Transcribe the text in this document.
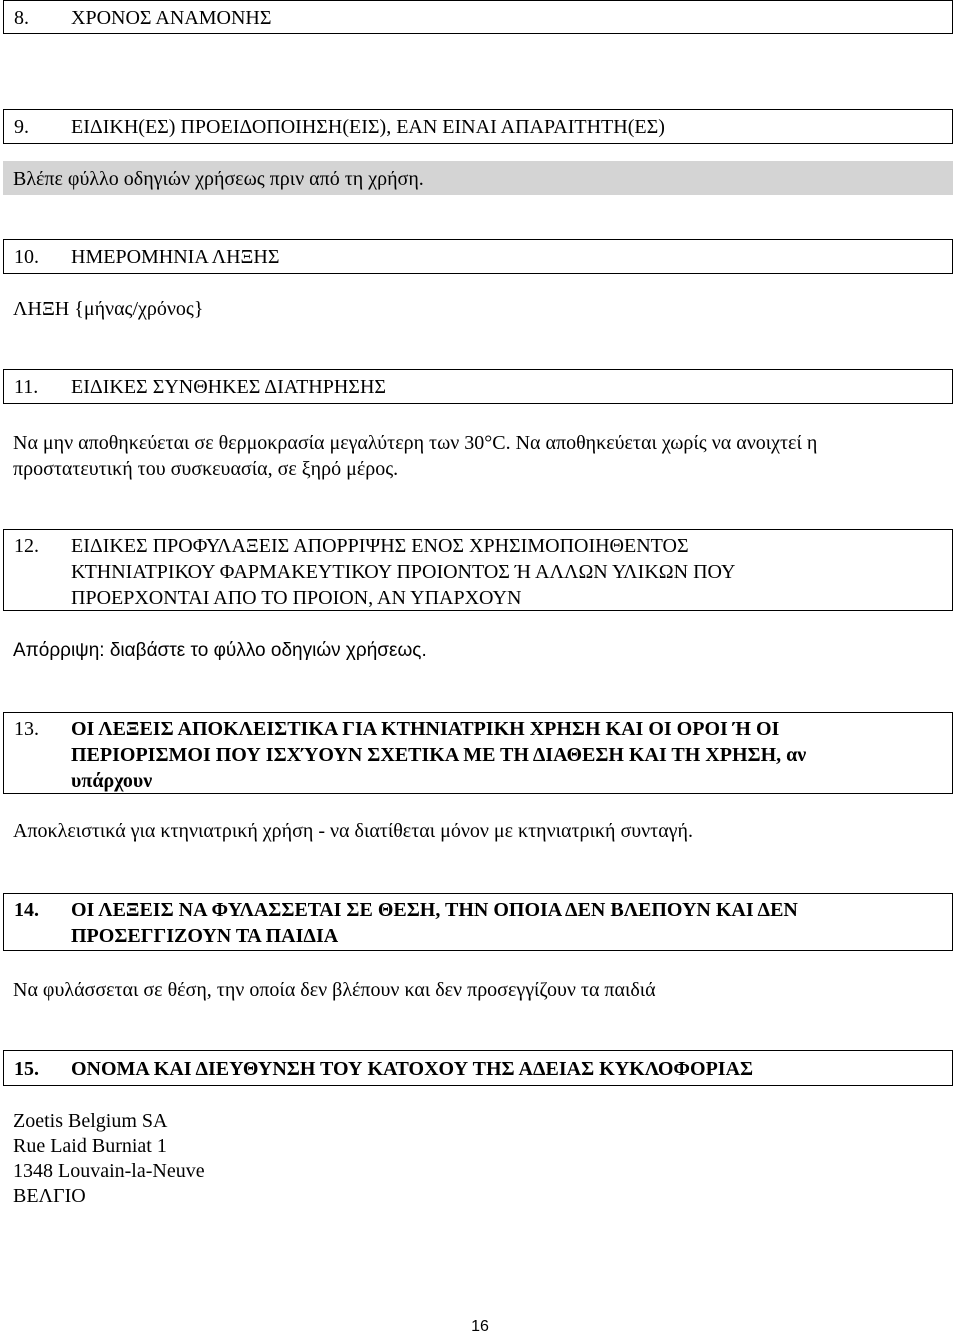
8. ΧΡΟΝΟΣ ΑΝΑΜΟΝΗΣ
9. ΕΙΔΙΚΗ(ΕΣ) ΠΡΟΕΙΔΟΠΟΙΗΣΗ(ΕΙΣ), ΕΑΝ ΕΙΝΑΙ ΑΠΑΡΑΙΤΗΤΗ(ΕΣ)
Βλέπε φύλλο οδηγιών χρήσεως πριν από τη χρήση.
10. ΗΜΕΡΟΜΗΝΙΑ ΛΗΞΗΣ
ΛΗΞΗ {μήνας/χρόνος}
11. ΕΙΔΙΚΕΣ ΣΥΝΘΗΚΕΣ ΔΙΑΤΗΡΗΣΗΣ
Να μην αποθηκεύεται σε θερμοκρασία μεγαλύτερη των 30°C. Να αποθηκεύεται χωρίς να ανοιχτεί η
προστατευτική του συσκευασία, σε ξηρό μέρος.
12.	ΕΙΔΙΚΕΣ ΠΡΟΦΥΛΑΞΕΙΣ ΑΠΟΡΡΙΨΗΣ ΕΝΟΣ ΧΡΗΣΙΜΟΠΟΙΗΘΕΝΤΟΣ
ΚΤΗΝΙΑΤΡΙΚΟΥ ΦΑΡΜΑΚΕΥΤΙΚΟΥ ΠΡΟΙΟΝΤΟΣ Ή ΑΛΛΩΝ ΥΛΙΚΩΝ ΠΟΥ
ΠΡΟΕΡΧΟΝΤΑΙ ΑΠΟ ΤΟ ΠΡΟΙΟΝ, ΑΝ ΥΠΑΡΧΟΥΝ
Απόρριψη: διαβάστε το φύλλο οδηγιών χρήσεως.
13.	ΟΙ ΛΕΞΕΙΣ ΑΠΟΚΛΕΙΣΤΙΚΑ ΓΙΑ ΚΤΗΝΙΑΤΡΙΚΗ ΧΡΗΣΗ ΚΑΙ ΟΙ ΟΡΟΙ Ή ΟΙ
ΠΕΡΙΟΡΙΣΜΟΙ ΠΟΥ ΙΣΧΎΟΥΝ ΣΧΕΤΙΚΑ ΜΕ ΤΗ ΔΙΑΘΕΣΗ ΚΑΙ ΤΗ ΧΡΗΣΗ, αν
υπάρχουν
Αποκλειστικά για κτηνιατρική χρήση - να διατίθεται μόνον με κτηνιατρική συνταγή.
14.	ΟΙ ΛΕΞΕΙΣ ΝΑ ΦΥΛΑΣΣΕΤΑΙ ΣΕ ΘΕΣΗ, ΤΗΝ ΟΠΟΙΑ ΔΕΝ ΒΛΕΠΟΥΝ ΚΑΙ ΔΕΝ
ΠΡΟΣΕΓΓΙΖΟΥΝ ΤΑ ΠΑΙΔΙΑ
Να φυλάσσεται σε θέση, την οποία δεν βλέπουν και δεν προσεγγίζουν τα παιδιά
15. ΟΝΟΜΑ ΚΑΙ ΔΙΕΥΘΥΝΣΗ ΤΟΥ ΚΑΤΟΧΟΥ ΤΗΣ ΑΔΕΙΑΣ ΚΥΚΛΟΦΟΡΙΑΣ
Zoetis Belgium SA
Rue Laid Burniat 1
1348 Louvain-la-Neuve
ΒΕΛΓΙΟ
16
